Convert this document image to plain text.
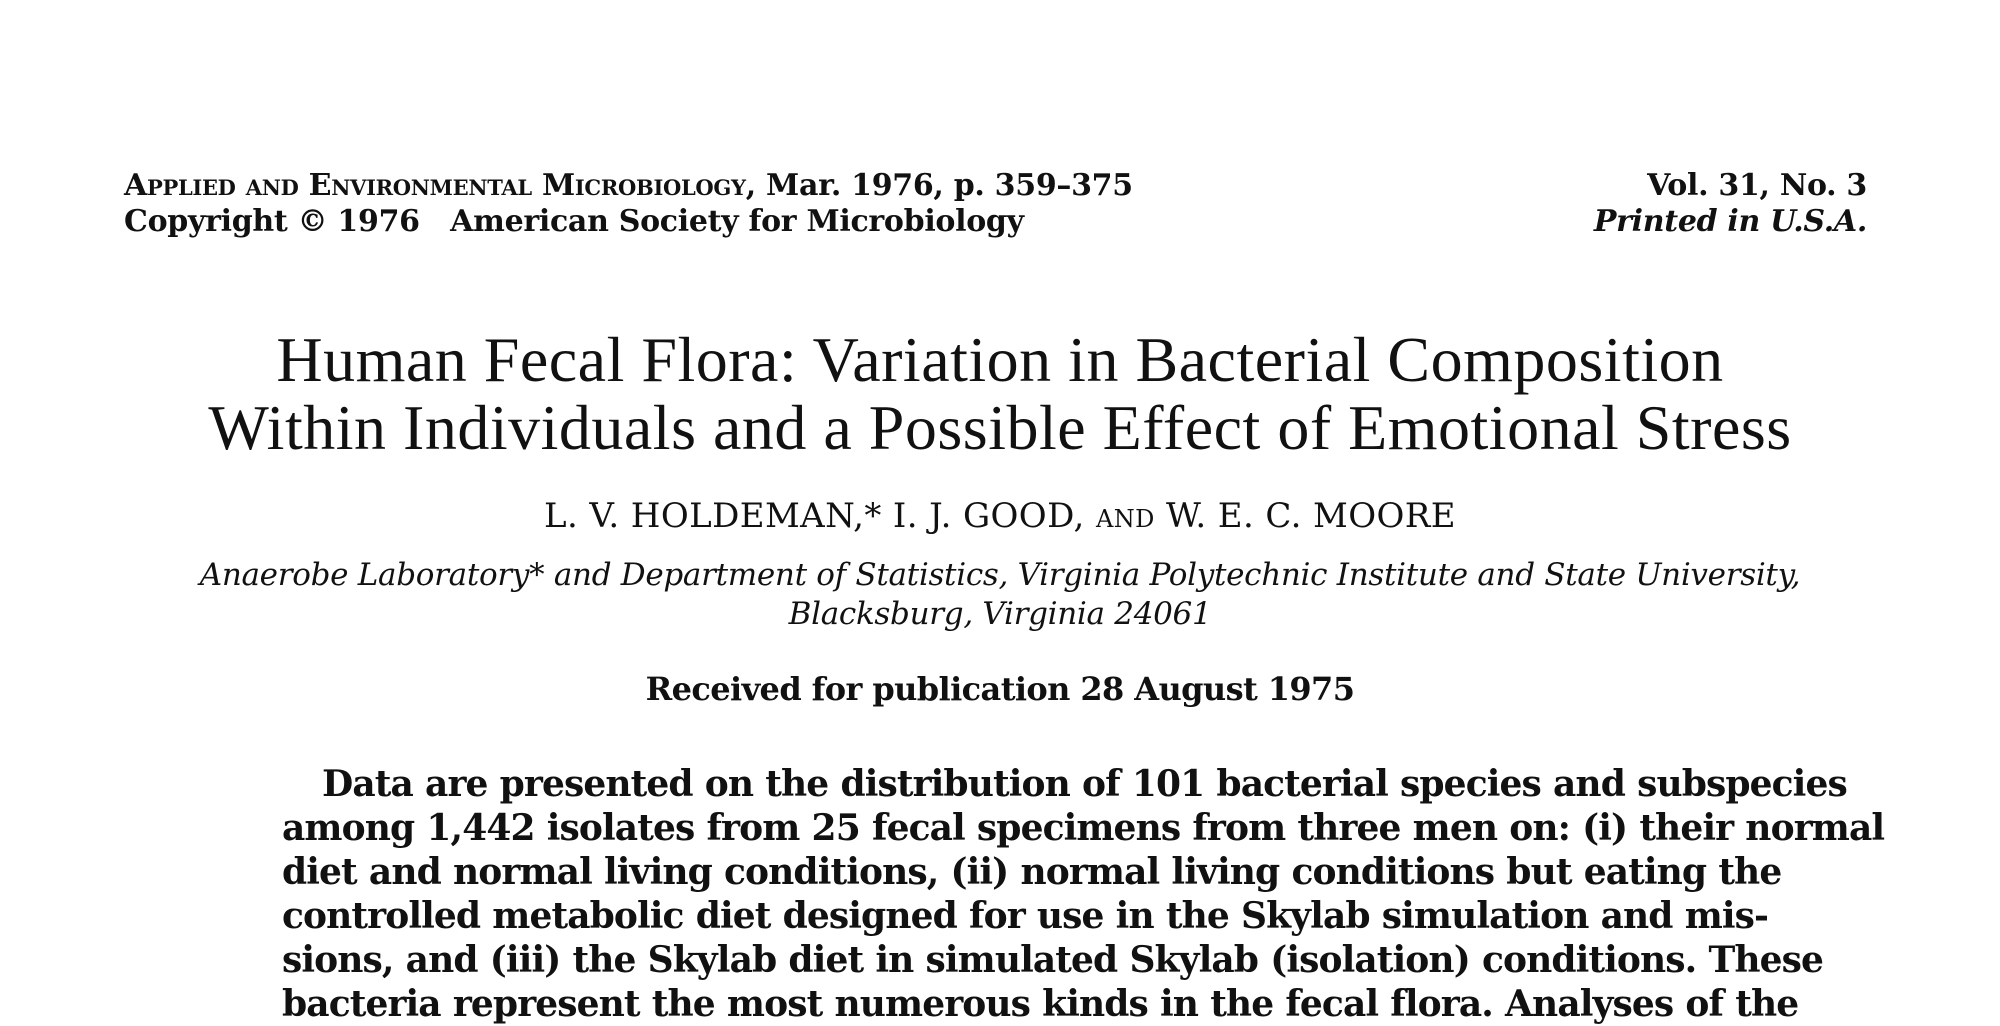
Applied and Environmental Microbiology, Mar. 1976, p. 359–375
Copyright © 1976   American Society for Microbiology
Vol. 31, No. 3
Printed in U.S.A.
Human Fecal Flora: Variation in Bacterial Composition
Within Individuals and a Possible Effect of Emotional Stress
L. V. HOLDEMAN,* I. J. GOOD, and W. E. C. MOORE
Anaerobe Laboratory* and Department of Statistics, Virginia Polytechnic Institute and State University,
Blacksburg, Virginia 24061
Received for publication 28 August 1975
Data are presented on the distribution of 101 bacterial species and subspecies
among 1,442 isolates from 25 fecal specimens from three men on: (i) their normal
diet and normal living conditions, (ii) normal living conditions but eating the
controlled metabolic diet designed for use in the Skylab simulation and mis-
sions, and (iii) the Skylab diet in simulated Skylab (isolation) conditions. These
bacteria represent the most numerous kinds in the fecal flora. Analyses of the
